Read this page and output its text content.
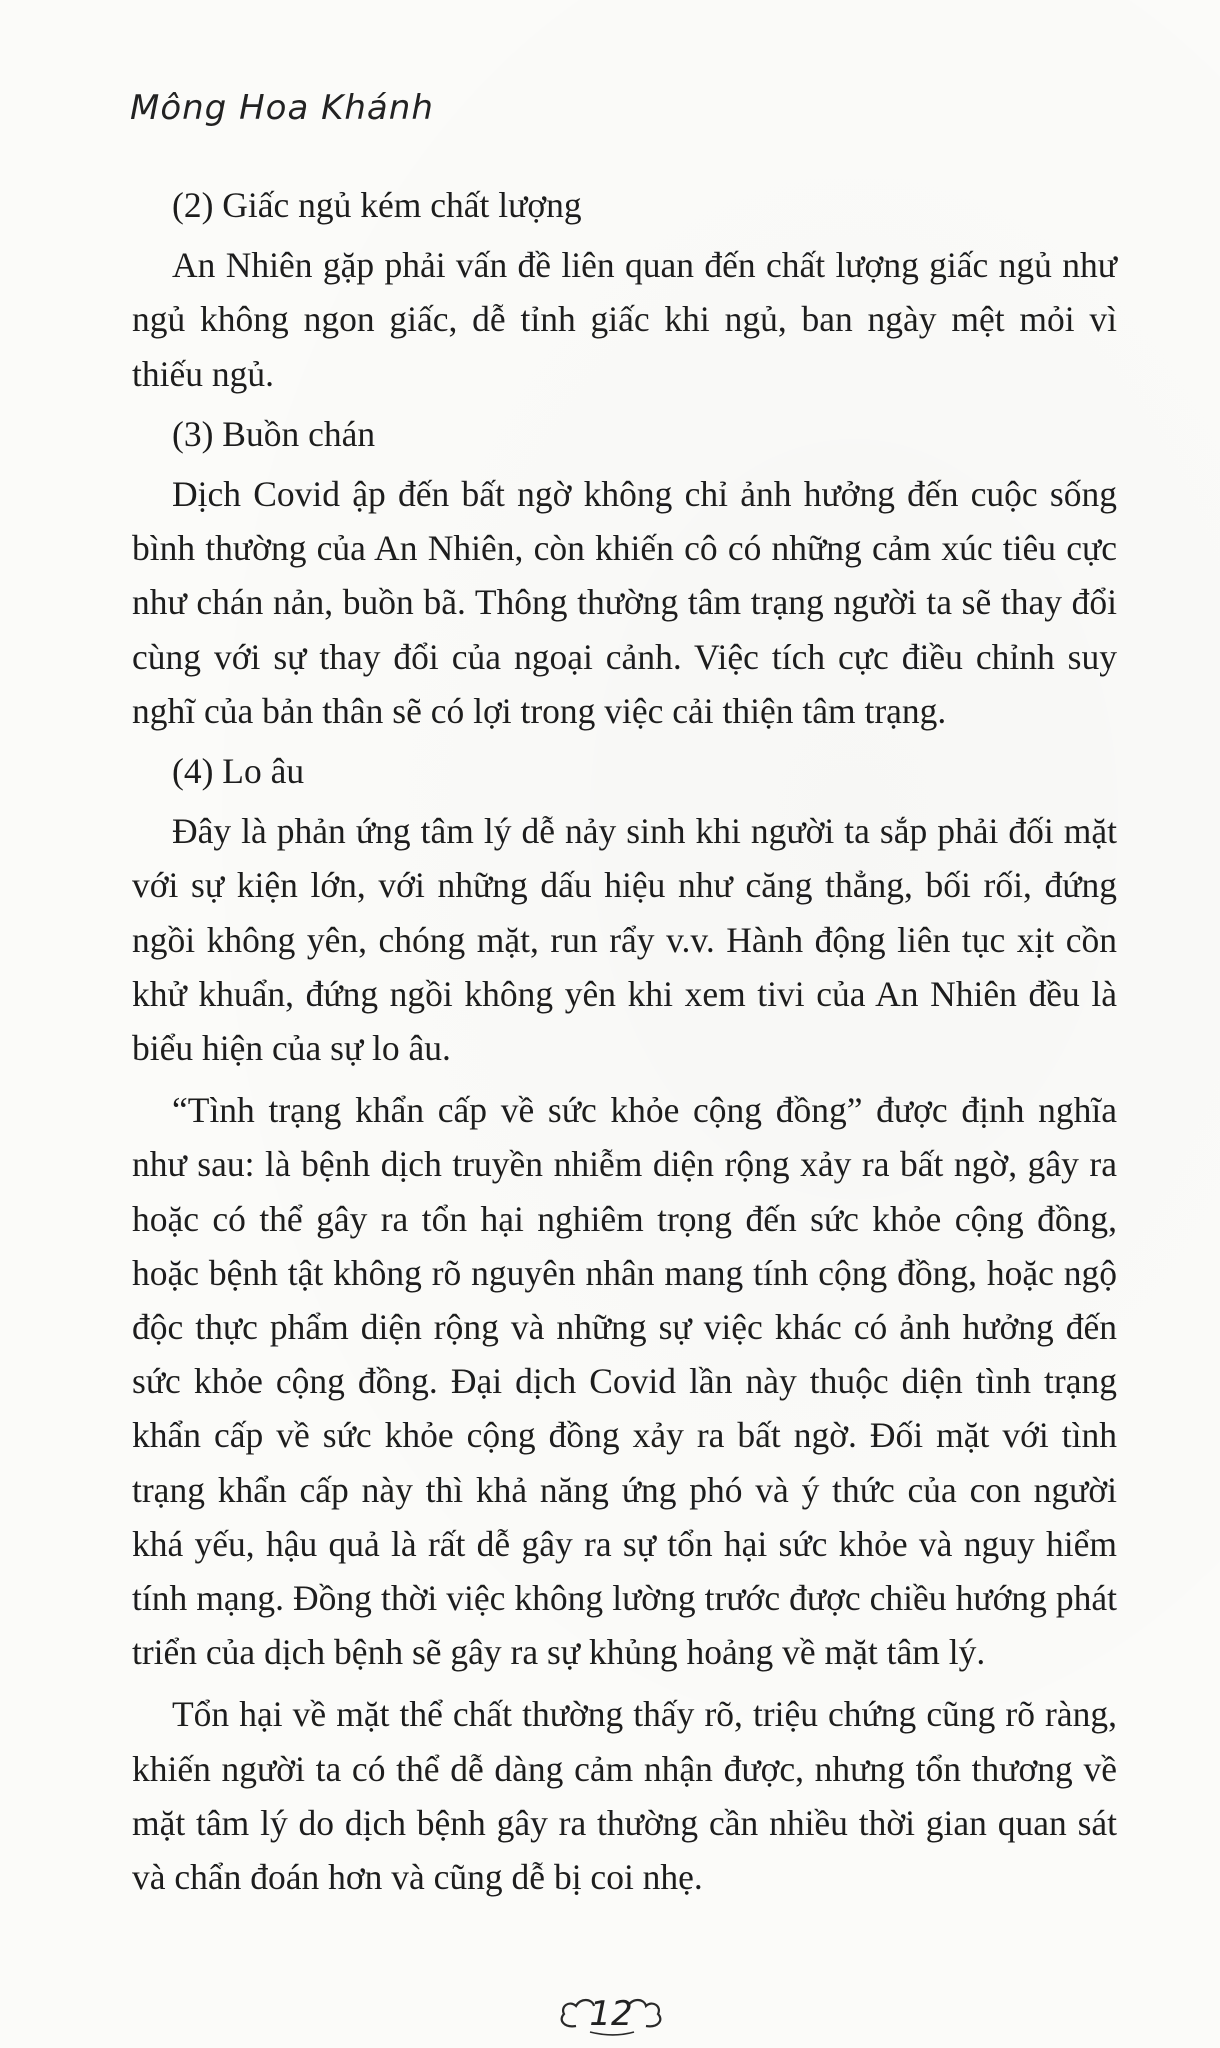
Mông Hoa Khánh
(2) Giấc ngủ kém chất lượng

An Nhiên gặp phải vấn đề liên quan đến chất lượng giấc ngủ như ngủ không ngon giấc, dễ tỉnh giấc khi ngủ, ban ngày mệt mỏi vì thiếu ngủ.

(3) Buồn chán

Dịch Covid ập đến bất ngờ không chỉ ảnh hưởng đến cuộc sống bình thường của An Nhiên, còn khiến cô có những cảm xúc tiêu cực như chán nản, buồn bã. Thông thường tâm trạng người ta sẽ thay đổi cùng với sự thay đổi của ngoại cảnh. Việc tích cực điều chỉnh suy nghĩ của bản thân sẽ có lợi trong việc cải thiện tâm trạng.

(4) Lo âu

Đây là phản ứng tâm lý dễ nảy sinh khi người ta sắp phải đối mặt với sự kiện lớn, với những dấu hiệu như căng thẳng, bối rối, đứng ngồi không yên, chóng mặt, run rẩy v.v. Hành động liên tục xịt cồn khử khuẩn, đứng ngồi không yên khi xem tivi của An Nhiên đều là biểu hiện của sự lo âu.

“Tình trạng khẩn cấp về sức khỏe cộng đồng” được định nghĩa như sau: là bệnh dịch truyền nhiễm diện rộng xảy ra bất ngờ, gây ra hoặc có thể gây ra tổn hại nghiêm trọng đến sức khỏe cộng đồng, hoặc bệnh tật không rõ nguyên nhân mang tính cộng đồng, hoặc ngộ độc thực phẩm diện rộng và những sự việc khác có ảnh hưởng đến sức khỏe cộng đồng. Đại dịch Covid lần này thuộc diện tình trạng khẩn cấp về sức khỏe cộng đồng xảy ra bất ngờ. Đối mặt với tình trạng khẩn cấp này thì khả năng ứng phó và ý thức của con người khá yếu, hậu quả là rất dễ gây ra sự tổn hại sức khỏe và nguy hiểm tính mạng. Đồng thời việc không lường trước được chiều hướng phát triển của dịch bệnh sẽ gây ra sự khủng hoảng về mặt tâm lý.

Tổn hại về mặt thể chất thường thấy rõ, triệu chứng cũng rõ ràng, khiến người ta có thể dễ dàng cảm nhận được, nhưng tổn thương về mặt tâm lý do dịch bệnh gây ra thường cần nhiều thời gian quan sát và chẩn đoán hơn và cũng dễ bị coi nhẹ.

12
